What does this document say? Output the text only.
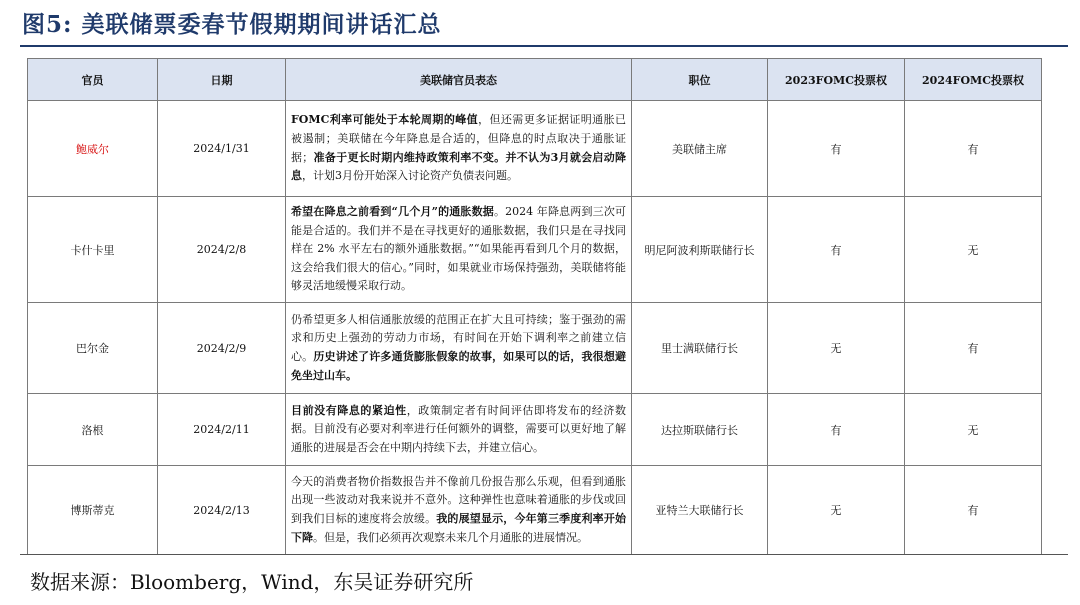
图5: 美联储票委春节假期期间讲话汇总
官员	日期	美联储官员表态	职位	2023FOMC投票权	2024FOMC投票权
鲍威尔	2024/1/31	FOMC利率可能处于本轮周期的峰值，但还需更多证据证明通胀已被遏制；美联储在今年降息是合适的，但降息的时点取决于通胀证据；准备于更长时期内维持政策利率不变。并不认为3月就会启动降息，计划3月份开始深入讨论资产负债表问题。	美联储主席	有	有
卡什卡里	2024/2/8	希望在降息之前看到“几个月”的通胀数据。2024 年降息两到三次可能是合适的。我们并不是在寻找更好的通胀数据，我们只是在寻找同样在 2% 水平左右的额外通胀数据。”“如果能再看到几个月的数据，这会给我们很大的信心。”同时，如果就业市场保持强劲，美联储将能够灵活地缓慢采取行动。	明尼阿波利斯联储行长	有	无
巴尔金	2024/2/9	仍希望更多人相信通胀放缓的范围正在扩大且可持续；鉴于强劲的需求和历史上强劲的劳动力市场，有时间在开始下调利率之前建立信心。历史讲述了许多通货膨胀假象的故事，如果可以的话，我很想避免坐过山车。	里士满联储行长	无	有
洛根	2024/2/11	目前没有降息的紧迫性，政策制定者有时间评估即将发布的经济数据。目前没有必要对利率进行任何额外的调整，需要可以更好地了解通胀的进展是否会在中期内持续下去，并建立信心。	达拉斯联储行长	有	无
博斯蒂克	2024/2/13	今天的消费者物价指数报告并不像前几份报告那么乐观，但看到通胀出现一些波动对我来说并不意外。这种弹性也意味着通胀的步伐或回到我们目标的速度将会放缓。我的展望显示，今年第三季度利率开始下降。但是，我们必须再次观察未来几个月通胀的进展情况。	亚特兰大联储行长	无	有
数据来源：Bloomberg，Wind，东吴证券研究所
